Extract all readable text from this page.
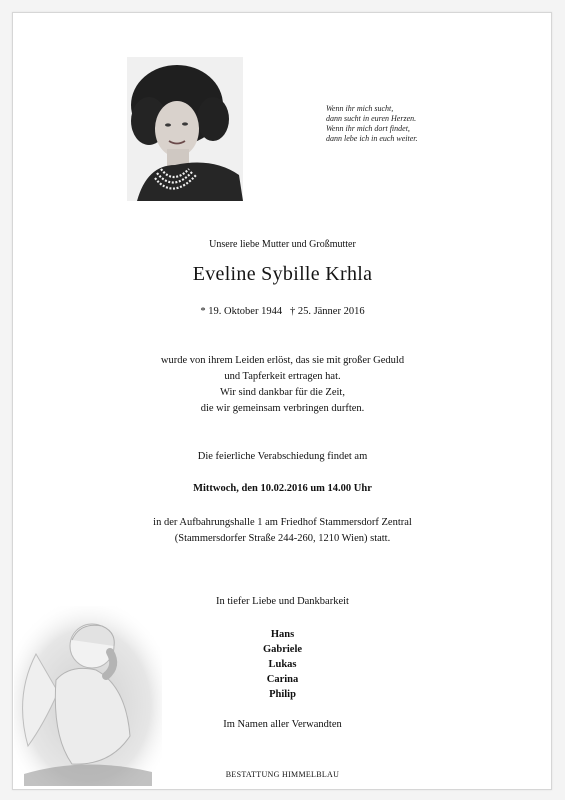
Wenn ihr mich sucht,
dann sucht in euren Herzen.
Wenn ihr mich dort findet,
dann lebe ich in euch weiter.
Unsere liebe Mutter und Großmutter
Eveline Sybille Krhla
* 19. Oktober 1944   † 25. Jänner 2016
wurde von ihrem Leiden erlöst, das sie mit großer Geduld
und Tapferkeit ertragen hat.
Wir sind dankbar für die Zeit,
die wir gemeinsam verbringen durften.
Die feierliche Verabschiedung findet am
Mittwoch, den 10.02.2016 um 14.00 Uhr
in der Aufbahrungshalle 1 am Friedhof Stammersdorf Zentral
(Stammersdorfer Straße 244-260, 1210 Wien) statt.
In tiefer Liebe und Dankbarkeit
Hans
Gabriele
Lukas
Carina
Philip
Im Namen aller Verwandten
BESTATTUNG HIMMELBLAU
